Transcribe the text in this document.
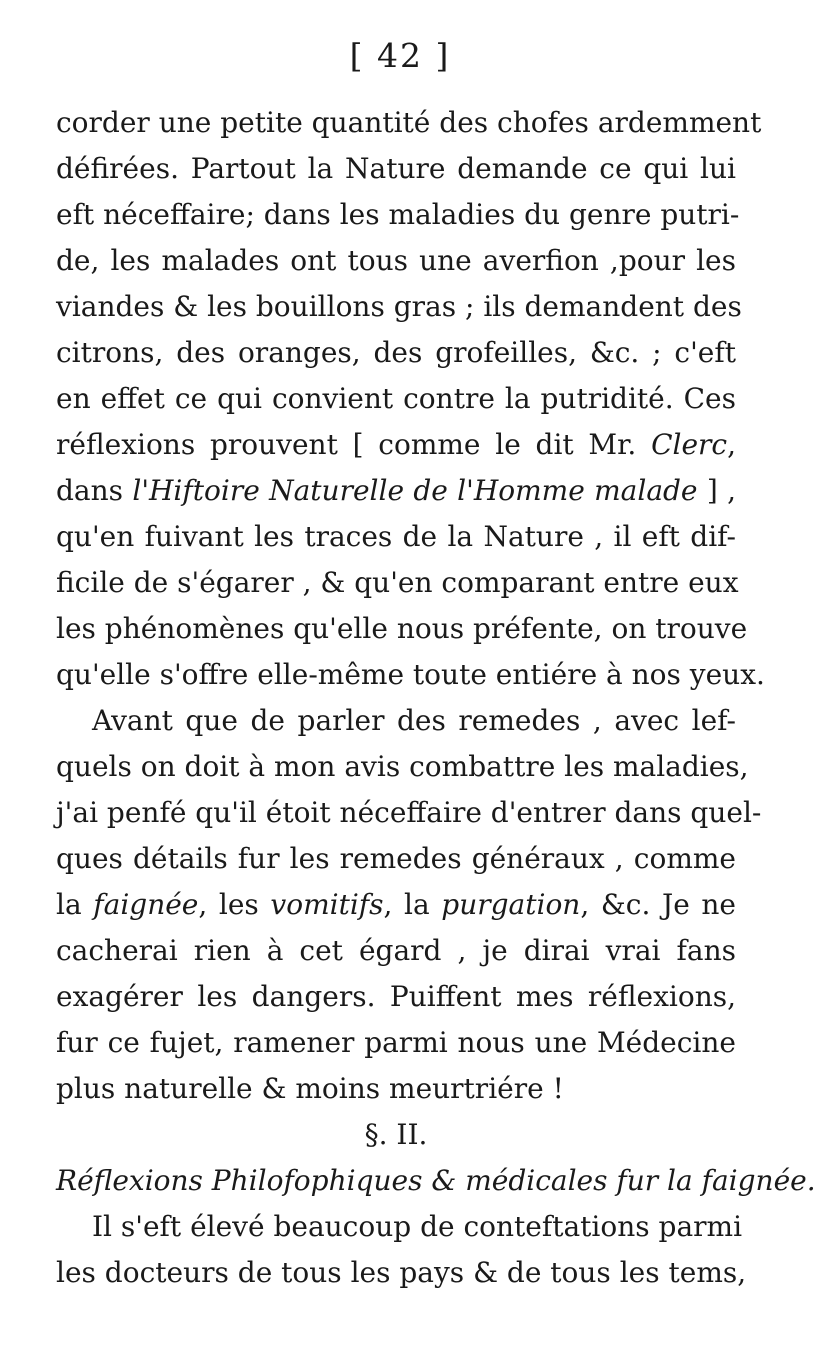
[ 42 ]
corder une petite quantité des chofes ardemment
défirées. Partout la Nature demande ce qui lui
eft néceffaire; dans les maladies du genre putri-
de, les malades ont tous une averfion ,pour les
viandes & les bouillons gras ; ils demandent des
citrons, des oranges, des grofeilles, &c. ; c'eft
en effet ce qui convient contre la putridité. Ces
réflexions prouvent [ comme le dit Mr. Clerc,
dans l'Hiftoire Naturelle de l'Homme malade ] ,
qu'en fuivant les traces de la Nature , il eft dif-
ficile de s'égarer , & qu'en comparant entre eux
les phénomènes qu'elle nous préfente, on trouve
qu'elle s'offre elle-même toute entiére à nos yeux.
Avant que de parler des remedes , avec lef-
quels on doit à mon avis combattre les maladies,
j'ai penfé qu'il étoit néceffaire d'entrer dans quel-
ques détails fur les remedes généraux , comme
la faignée, les vomitifs, la purgation, &c. Je ne
cacherai rien à cet égard , je dirai vrai fans
exagérer les dangers. Puiffent mes réflexions,
fur ce fujet, ramener parmi nous une Médecine
plus naturelle & moins meurtriére !
§. II.
Réflexions Philofophiques & médicales fur la faignée.
Il s'eft élevé beaucoup de conteftations parmi
les docteurs de tous les pays & de tous les tems,
